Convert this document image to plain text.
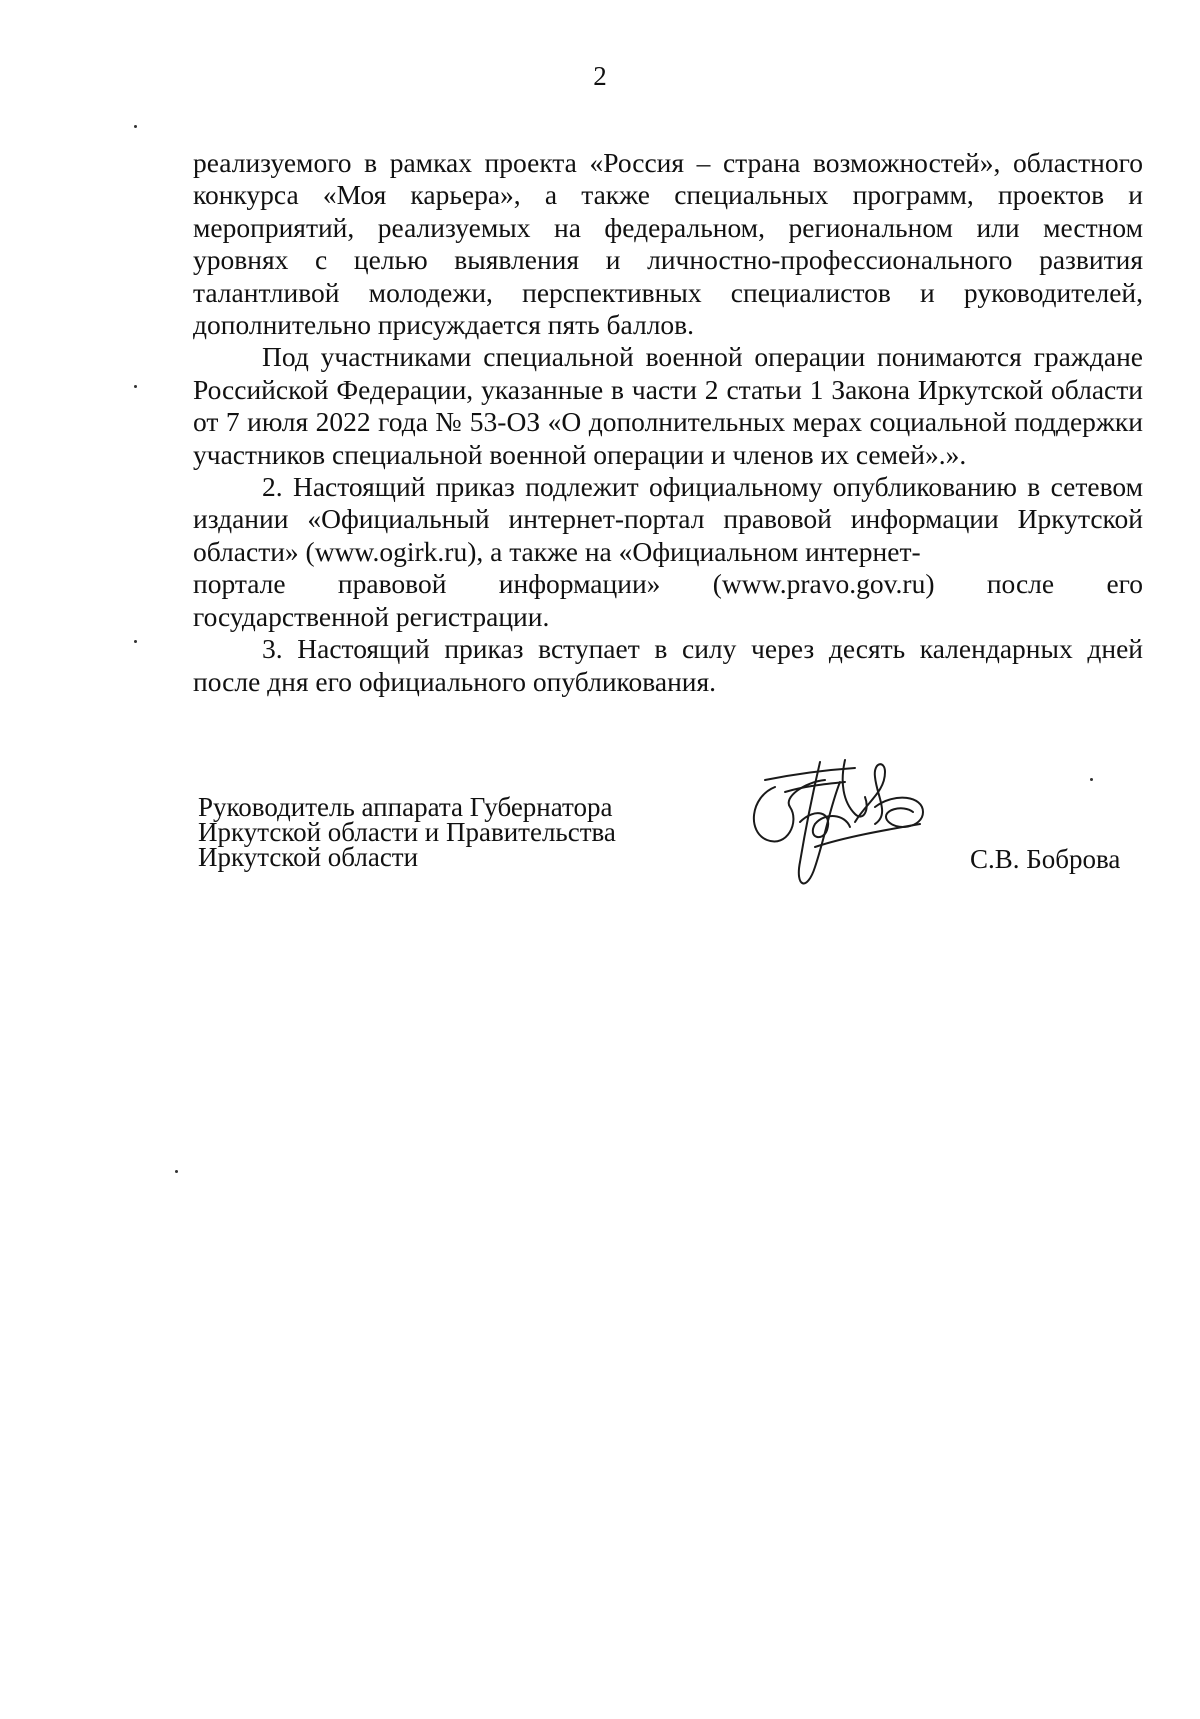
2

реализуемого в рамках проекта «Россия – страна возможностей», областного конкурса «Моя карьера», а также специальных программ, проектов и мероприятий, реализуемых на федеральном, региональном или местном уровнях с целью выявления и личностно-профессионального развития талантливой молодежи, перспективных специалистов и руководителей, дополнительно присуждается пять баллов.

Под участниками специальной военной операции понимаются граждане Российской Федерации, указанные в части 2 статьи 1 Закона Иркутской области от 7 июля 2022 года № 53-ОЗ «О дополнительных мерах социальной поддержки участников специальной военной операции и членов их семей».».

2. Настоящий приказ подлежит официальному опубликованию в сетевом издании «Официальный интернет-портал правовой информации Иркутской области» (www.ogirk.ru), а также на «Официальном интернет-

портале правовой информации» (www.pravo.gov.ru) после его

государственной регистрации.

3. Настоящий приказ вступает в силу через десять календарных дней после дня его официального опубликования.

Руководитель аппарата Губернатора
Иркутской области и Правительства
Иркутской области	С.В. Боброва
